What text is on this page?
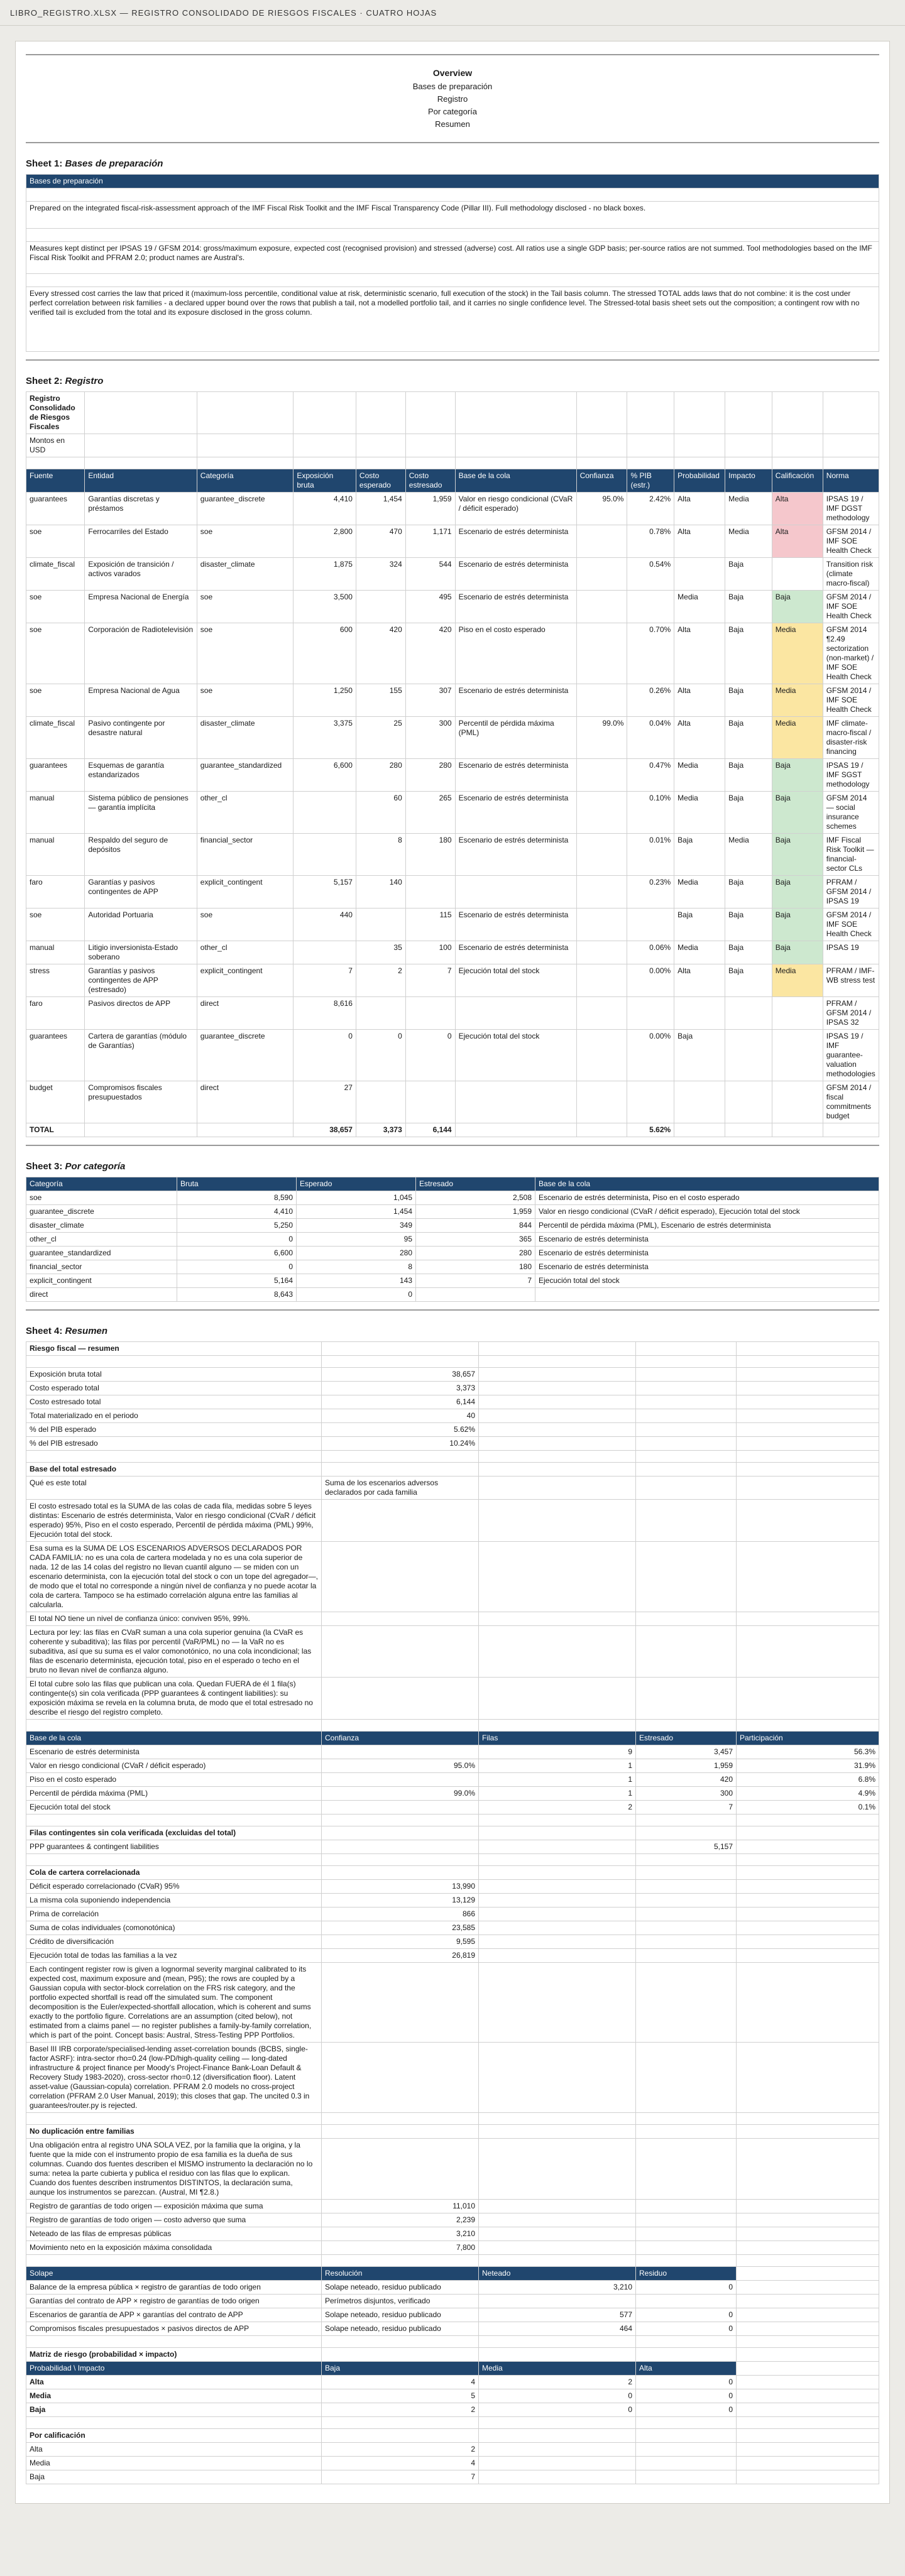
LIBRO_REGISTRO.XLSX — REGISTRO CONSOLIDADO DE RIESGOS FISCALES · CUATRO HOJAS
Overview
Bases de preparación
Registro
Por categoría
Resumen
Sheet 1: Bases de preparación
Bases de preparación

Prepared on the integrated fiscal-risk-assessment approach of the IMF Fiscal Risk Toolkit and the IMF Fiscal Transparency Code (Pillar III). Full methodology disclosed - no black boxes.

Measures kept distinct per IPSAS 19 / GFSM 2014: gross/maximum exposure, expected cost (recognised provision) and stressed (adverse) cost. All ratios use a single GDP basis; per-source ratios are not summed. Tool methodologies based on the IMF Fiscal Risk Toolkit and PFRAM 2.0; product names are Austral's.

Every stressed cost carries the law that priced it (maximum-loss percentile, conditional value at risk, deterministic scenario, full execution of the stock) in the Tail basis column. The stressed TOTAL adds laws that do not combine: it is the cost under perfect correlation between risk families - a declared upper bound over the rows that publish a tail, not a modelled portfolio tail, and it carries no single confidence level. The Stressed-total basis sheet sets out the composition; a contingent row with no verified tail is excluded from the total and its exposure disclosed in the gross column.
Sheet 2: Registro
Registro Consolidado de Riesgos Fiscales												
Montos en USD												

Fuente	Entidad	Categoría	Exposición bruta	Costo esperado	Costo estresado	Base de la cola	Confianza	% PIB (estr.)	Probabilidad	Impacto	Calificación	Norma
guarantees	Garantías discretas y préstamos	guarantee_discrete	4,410	1,454	1,959	Valor en riesgo condicional (CVaR / déficit esperado)	95.0%	2.42%	Alta	Media	Alta	IPSAS 19 / IMF DGST methodology
soe	Ferrocarriles del Estado	soe	2,800	470	1,171	Escenario de estrés determinista		0.78%	Alta	Media	Alta	GFSM 2014 / IMF SOE Health Check
climate_fiscal	Exposición de transición / activos varados	disaster_climate	1,875	324	544	Escenario de estrés determinista		0.54%		Baja		Transition risk (climate macro-fiscal)
soe	Empresa Nacional de Energía	soe	3,500		495	Escenario de estrés determinista			Media	Baja	Baja	GFSM 2014 / IMF SOE Health Check
soe	Corporación de Radiotelevisión	soe	600	420	420	Piso en el costo esperado		0.70%	Alta	Baja	Media	GFSM 2014 ¶2.49 sectorization (non-market) / IMF SOE Health Check
soe	Empresa Nacional de Agua	soe	1,250	155	307	Escenario de estrés determinista		0.26%	Alta	Baja	Media	GFSM 2014 / IMF SOE Health Check
climate_fiscal	Pasivo contingente por desastre natural	disaster_climate	3,375	25	300	Percentil de pérdida máxima (PML)	99.0%	0.04%	Alta	Baja	Media	IMF climate-macro-fiscal / disaster-risk financing
guarantees	Esquemas de garantía estandarizados	guarantee_standardized	6,600	280	280	Escenario de estrés determinista		0.47%	Media	Baja	Baja	IPSAS 19 / IMF SGST methodology
manual	Sistema público de pensiones — garantía implícita	other_cl		60	265	Escenario de estrés determinista		0.10%	Media	Baja	Baja	GFSM 2014 — social insurance schemes
manual	Respaldo del seguro de depósitos	financial_sector		8	180	Escenario de estrés determinista		0.01%	Baja	Media	Baja	IMF Fiscal Risk Toolkit — financial-sector CLs
faro	Garantías y pasivos contingentes de APP	explicit_contingent	5,157	140				0.23%	Media	Baja	Baja	PFRAM / GFSM 2014 / IPSAS 19
soe	Autoridad Portuaria	soe	440		115	Escenario de estrés determinista			Baja	Baja	Baja	GFSM 2014 / IMF SOE Health Check
manual	Litigio inversionista-Estado soberano	other_cl		35	100	Escenario de estrés determinista		0.06%	Media	Baja	Baja	IPSAS 19
stress	Garantías y pasivos contingentes de APP (estresado)	explicit_contingent	7	2	7	Ejecución total del stock		0.00%	Alta	Baja	Media	PFRAM / IMF-WB stress test
faro	Pasivos directos de APP	direct	8,616									PFRAM / GFSM 2014 / IPSAS 32
guarantees	Cartera de garantías (módulo de Garantías)	guarantee_discrete	0	0	0	Ejecución total del stock		0.00%	Baja			IPSAS 19 / IMF guarantee-valuation methodologies
budget	Compromisos fiscales presupuestados	direct	27									GFSM 2014 / fiscal commitments budget
TOTAL			38,657	3,373	6,144			5.62%				
Sheet 3: Por categoría
Categoría	Bruta	Esperado	Estresado	Base de la cola
soe	8,590	1,045	2,508	Escenario de estrés determinista, Piso en el costo esperado
guarantee_discrete	4,410	1,454	1,959	Valor en riesgo condicional (CVaR / déficit esperado), Ejecución total del stock
disaster_climate	5,250	349	844	Percentil de pérdida máxima (PML), Escenario de estrés determinista
other_cl	0	95	365	Escenario de estrés determinista
guarantee_standardized	6,600	280	280	Escenario de estrés determinista
financial_sector	0	8	180	Escenario de estrés determinista
explicit_contingent	5,164	143	7	Ejecución total del stock
direct	8,643	0		
Sheet 4: Resumen
Riesgo fiscal — resumen				

Exposición bruta total	38,657			
Costo esperado total	3,373			
Costo estresado total	6,144			
Total materializado en el periodo	40			
% del PIB esperado	5.62%			
% del PIB estresado	10.24%			

Base del total estresado				
Qué es este total	Suma de los escenarios adversos declarados por cada familia			
El costo estresado total es la SUMA de las colas de cada fila, medidas sobre 5 leyes distintas: Escenario de estrés determinista, Valor en riesgo condicional (CVaR / déficit esperado) 95%, Piso en el costo esperado, Percentil de pérdida máxima (PML) 99%, Ejecución total del stock.				
Esa suma es la SUMA DE LOS ESCENARIOS ADVERSOS DECLARADOS POR CADA FAMILIA: no es una cola de cartera modelada y no es una cola superior de nada. 12 de las 14 colas del registro no llevan cuantil alguno — se miden con un escenario determinista, con la ejecución total del stock o con un tope del agregador—, de modo que el total no corresponde a ningún nivel de confianza y no puede acotar la cola de cartera. Tampoco se ha estimado correlación alguna entre las familias al calcularla.				
El total NO tiene un nivel de confianza único: conviven 95%, 99%.				
Lectura por ley: las filas en CVaR suman a una cola superior genuina (la CVaR es coherente y subaditiva); las filas por percentil (VaR/PML) no — la VaR no es subaditiva, así que su suma es el valor comonotónico, no una cola incondicional; las filas de escenario determinista, ejecución total, piso en el esperado o techo en el bruto no llevan nivel de confianza alguno.				
El total cubre solo las filas que publican una cola. Quedan FUERA de él 1 fila(s) contingente(s) sin cola verificada (PPP guarantees & contingent liabilities): su exposición máxima se revela en la columna bruta, de modo que el total estresado no describe el riesgo del registro completo.				

Base de la cola	Confianza	Filas	Estresado	Participación
Escenario de estrés determinista		9	3,457	56.3%
Valor en riesgo condicional (CVaR / déficit esperado)	95.0%	1	1,959	31.9%
Piso en el costo esperado		1	420	6.8%
Percentil de pérdida máxima (PML)	99.0%	1	300	4.9%
Ejecución total del stock		2	7	0.1%

Filas contingentes sin cola verificada (excluidas del total)				
PPP guarantees & contingent liabilities			5,157	

Cola de cartera correlacionada				
Déficit esperado correlacionado (CVaR) 95%	13,990			
La misma cola suponiendo independencia	13,129			
Prima de correlación	866			
Suma de colas individuales (comonotónica)	23,585			
Crédito de diversificación	9,595			
Ejecución total de todas las familias a la vez	26,819			
Each contingent register row is given a lognormal severity marginal calibrated to its expected cost, maximum exposure and (mean, P95); the rows are coupled by a Gaussian copula with sector-block correlation on the FRS risk category, and the portfolio expected shortfall is read off the simulated sum. The component decomposition is the Euler/expected-shortfall allocation, which is coherent and sums exactly to the portfolio figure. Correlations are an assumption (cited below), not estimated from a claims panel — no register publishes a family-by-family correlation, which is part of the point. Concept basis: Austral, Stress-Testing PPP Portfolios.				
Basel III IRB corporate/specialised-lending asset-correlation bounds (BCBS, single-factor ASRF): intra-sector rho=0.24 (low-PD/high-quality ceiling — long-dated infrastructure & project finance per Moody's Project-Finance Bank-Loan Default & Recovery Study 1983-2020), cross-sector rho=0.12 (diversification floor). Latent asset-value (Gaussian-copula) correlation. PFRAM 2.0 models no cross-project correlation (PFRAM 2.0 User Manual, 2019); this closes that gap. The uncited 0.3 in guarantees/router.py is rejected.				

No duplicación entre familias				
Una obligación entra al registro UNA SOLA VEZ, por la familia que la origina, y la fuente que la mide con el instrumento propio de esa familia es la dueña de sus columnas. Cuando dos fuentes describen el MISMO instrumento la declaración no lo suma: netea la parte cubierta y publica el residuo con las filas que lo explican. Cuando dos fuentes describen instrumentos DISTINTOS, la declaración suma, aunque los instrumentos se parezcan. (Austral, MI ¶2.8.)				
Registro de garantías de todo origen — exposición máxima que suma	11,010			
Registro de garantías de todo origen — costo adverso que suma	2,239			
Neteado de las filas de empresas públicas	3,210			
Movimiento neto en la exposición máxima consolidada	7,800			

Solape	Resolución	Neteado	Residuo	
Balance de la empresa pública × registro de garantías de todo origen	Solape neteado, residuo publicado	3,210	0	
Garantías del contrato de APP × registro de garantías de todo origen	Perímetros disjuntos, verificado			
Escenarios de garantía de APP × garantías del contrato de APP	Solape neteado, residuo publicado	577	0	
Compromisos fiscales presupuestados × pasivos directos de APP	Solape neteado, residuo publicado	464	0	

Matriz de riesgo (probabilidad × impacto)				
Probabilidad \ Impacto	Baja	Media	Alta	
Alta	4	2	0	
Media	5	0	0	
Baja	2	0	0	

Por calificación				
Alta	2			
Media	4			
Baja	7			
